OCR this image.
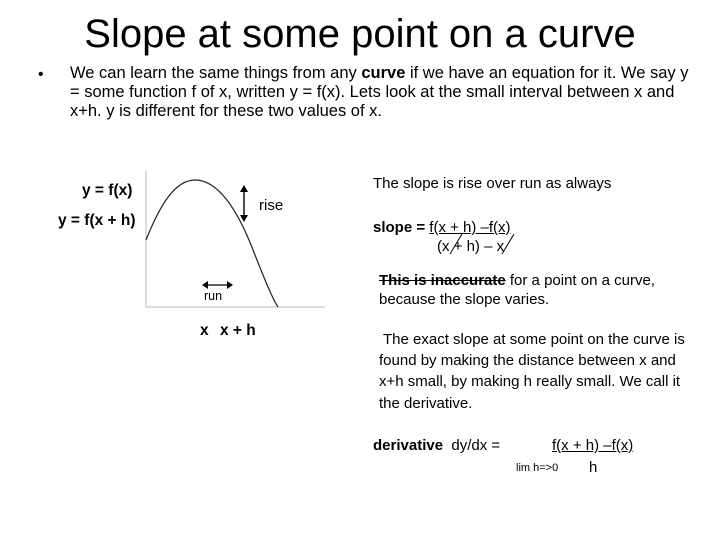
Slope at some point on a curve
• We can learn the same things from any curve if we have an equation for it. We say y = some function f of x, written y = f(x). Lets look at the small interval between x and x+h. y is different for these two values of x.
y = f(x)
y = f(x + h)
rise
run
x x + h
The slope is rise over run as always
slope = f(x + h) –f(x)
(x + h) – x
This is inaccurate for a point on a curve,
because the slope varies.
The exact slope at some point on the curve is
found by making the distance between x and
x+h small, by making h really small. We call it
the derivative.
derivative dy/dx =	f(x + h) –f(x)
lim h=>0 h
